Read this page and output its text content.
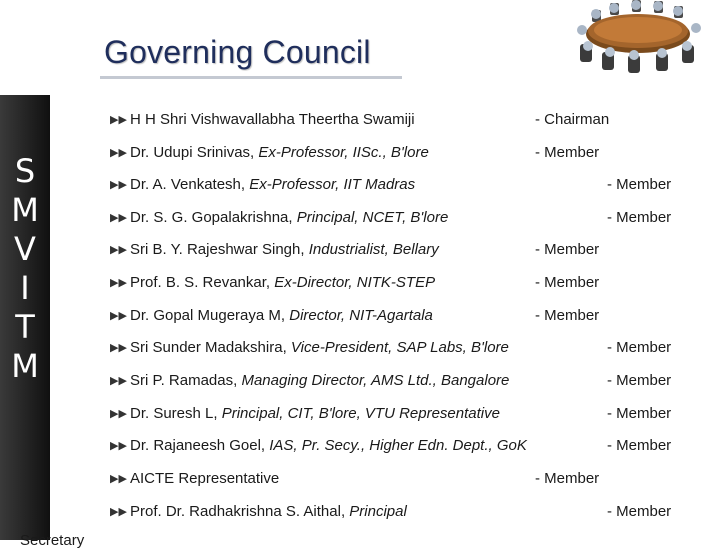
Governing Council
S
M
V
I
T
M
▶▶ H H Shri Vishwavallabha Theertha Swamiji	- Chairman
▶▶ Dr. Udupi Srinivas, Ex-Professor, IISc., B'lore	- Member
▶▶ Dr. A. Venkatesh, Ex-Professor, IIT Madras	- Member
▶▶ Dr. S. G. Gopalakrishna, Principal, NCET, B'lore	- Member
▶▶ Sri B. Y. Rajeshwar Singh, Industrialist, Bellary	- Member
▶▶ Prof. B. S. Revankar, Ex-Director, NITK-STEP	- Member
▶▶ Dr. Gopal Mugeraya M, Director, NIT-Agartala	- Member
▶▶ Sri Sunder Madakshira, Vice-President, SAP Labs, B'lore	- Member
▶▶ Sri P. Ramadas, Managing Director, AMS Ltd., Bangalore	- Member
▶▶ Dr. Suresh L, Principal, CIT, B'lore, VTU Representative	- Member
▶▶ Dr. Rajaneesh Goel, IAS, Pr. Secy., Higher Edn. Dept., GoK	- Member
▶▶ AICTE Representative	- Member
▶▶ Prof. Dr. Radhakrishna S. Aithal, Principal	- Member
Secretary
